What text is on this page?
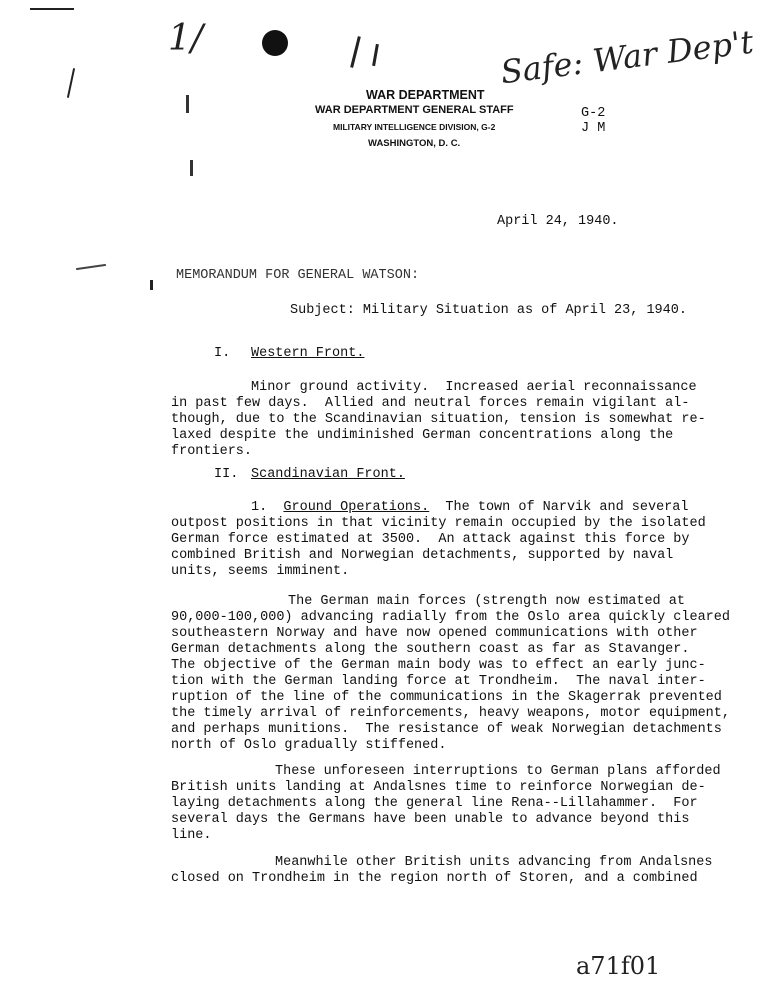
1/	Safe: War Dep't
WAR DEPARTMENT
WAR DEPARTMENT GENERAL STAFF
MILITARY INTELLIGENCE DIVISION, G-2
WASHINGTON, D. C.
G-2
J M
April 24, 1940.
MEMORANDUM FOR GENERAL WATSON:
Subject: Military Situation as of April 23, 1940.
I. Western Front.
Minor ground activity.  Increased aerial reconnaissance
in past few days.  Allied and neutral forces remain vigilant al-
though, due to the Scandinavian situation, tension is somewhat re-
laxed despite the undiminished German concentrations along the
frontiers.
II. Scandinavian Front.
1. Ground Operations.  The town of Narvik and several
outpost positions in that vicinity remain occupied by the isolated
German force estimated at 3500.  An attack against this force by
combined British and Norwegian detachments, supported by naval
units, seems imminent.
The German main forces (strength now estimated at
90,000-100,000) advancing radially from the Oslo area quickly cleared
southeastern Norway and have now opened communications with other
German detachments along the southern coast as far as Stavanger.
The objective of the German main body was to effect an early junc-
tion with the German landing force at Trondheim.  The naval inter-
ruption of the line of the communications in the Skagerrak prevented
the timely arrival of reinforcements, heavy weapons, motor equipment,
and perhaps munitions.  The resistance of weak Norwegian detachments
north of Oslo gradually stiffened.
These unforeseen interruptions to German plans afforded
British units landing at Andalsnes time to reinforce Norwegian de-
laying detachments along the general line Rena--Lillahammer.  For
several days the Germans have been unable to advance beyond this
line.
Meanwhile other British units advancing from Andalsnes
closed on Trondheim in the region north of Storen, and a combined
a71f01
